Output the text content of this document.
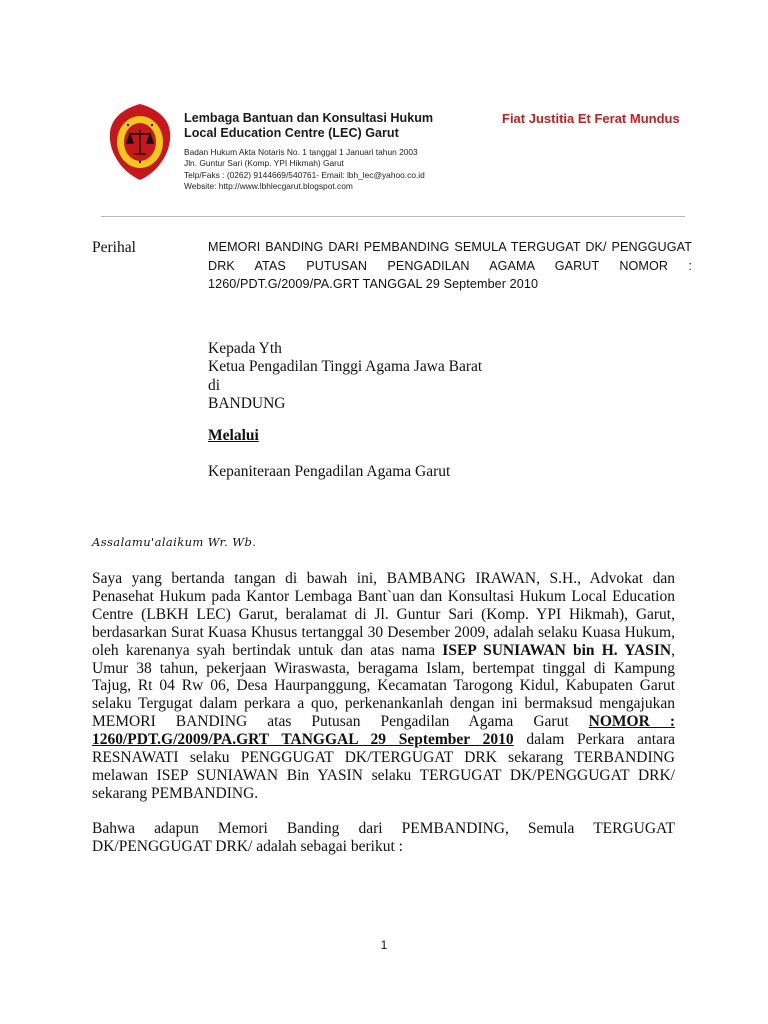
Lembaga Bantuan dan Konsultasi Hukum
Local Education Centre (LEC) Garut
Badan Hukum Akta Notaris No. 1 tanggal 1 Januari tahun 2003
Jln. Guntur Sari (Komp. YPI Hikmah) Garut
Telp/Faks : (0262) 9144669/540761- Email: lbh_lec@yahoo.co.id
Website: http://www.lbhlecgarut.blogspot.com
Fiat Justitia Et Ferat Mundus
Perihal	MEMORI BANDING DARI PEMBANDING SEMULA TERGUGAT DK/ PENGGUGAT
DRK ATAS PUTUSAN PENGADILAN AGAMA GARUT NOMOR :
1260/PDT.G/2009/PA.GRT TANGGAL 29 September 2010
Kepada Yth
Ketua Pengadilan Tinggi Agama Jawa Barat
di
BANDUNG
Melalui
Kepaniteraan Pengadilan Agama Garut
Assalamu'alaikum Wr. Wb.
Saya yang bertanda tangan di bawah ini, BAMBANG IRAWAN, S.H., Advokat dan
Penasehat Hukum pada Kantor Lembaga Bant`uan dan Konsultasi Hukum Local Education
Centre (LBKH LEC) Garut, beralamat di Jl. Guntur Sari (Komp. YPI Hikmah), Garut,
berdasarkan Surat Kuasa Khusus tertanggal 30 Desember 2009, adalah selaku Kuasa Hukum,
oleh karenanya syah bertindak untuk dan atas nama ISEP SUNIAWAN bin H. YASIN,
Umur 38 tahun, pekerjaan Wiraswasta, beragama Islam, bertempat tinggal di Kampung
Tajug, Rt 04 Rw 06, Desa Haurpanggung, Kecamatan Tarogong Kidul, Kabupaten Garut
selaku Tergugat dalam perkara a quo, perkenankanlah dengan ini bermaksud mengajukan
MEMORI BANDING atas Putusan Pengadilan Agama Garut NOMOR :
1260/PDT.G/2009/PA.GRT TANGGAL 29 September 2010 dalam Perkara antara
RESNAWATI selaku PENGGUGAT DK/TERGUGAT DRK sekarang TERBANDING
melawan ISEP SUNIAWAN Bin YASIN selaku TERGUGAT DK/PENGGUGAT DRK/
sekarang PEMBANDING.
Bahwa adapun Memori Banding dari PEMBANDING, Semula TERGUGAT
DK/PENGGUGAT DRK/ adalah sebagai berikut :
1
